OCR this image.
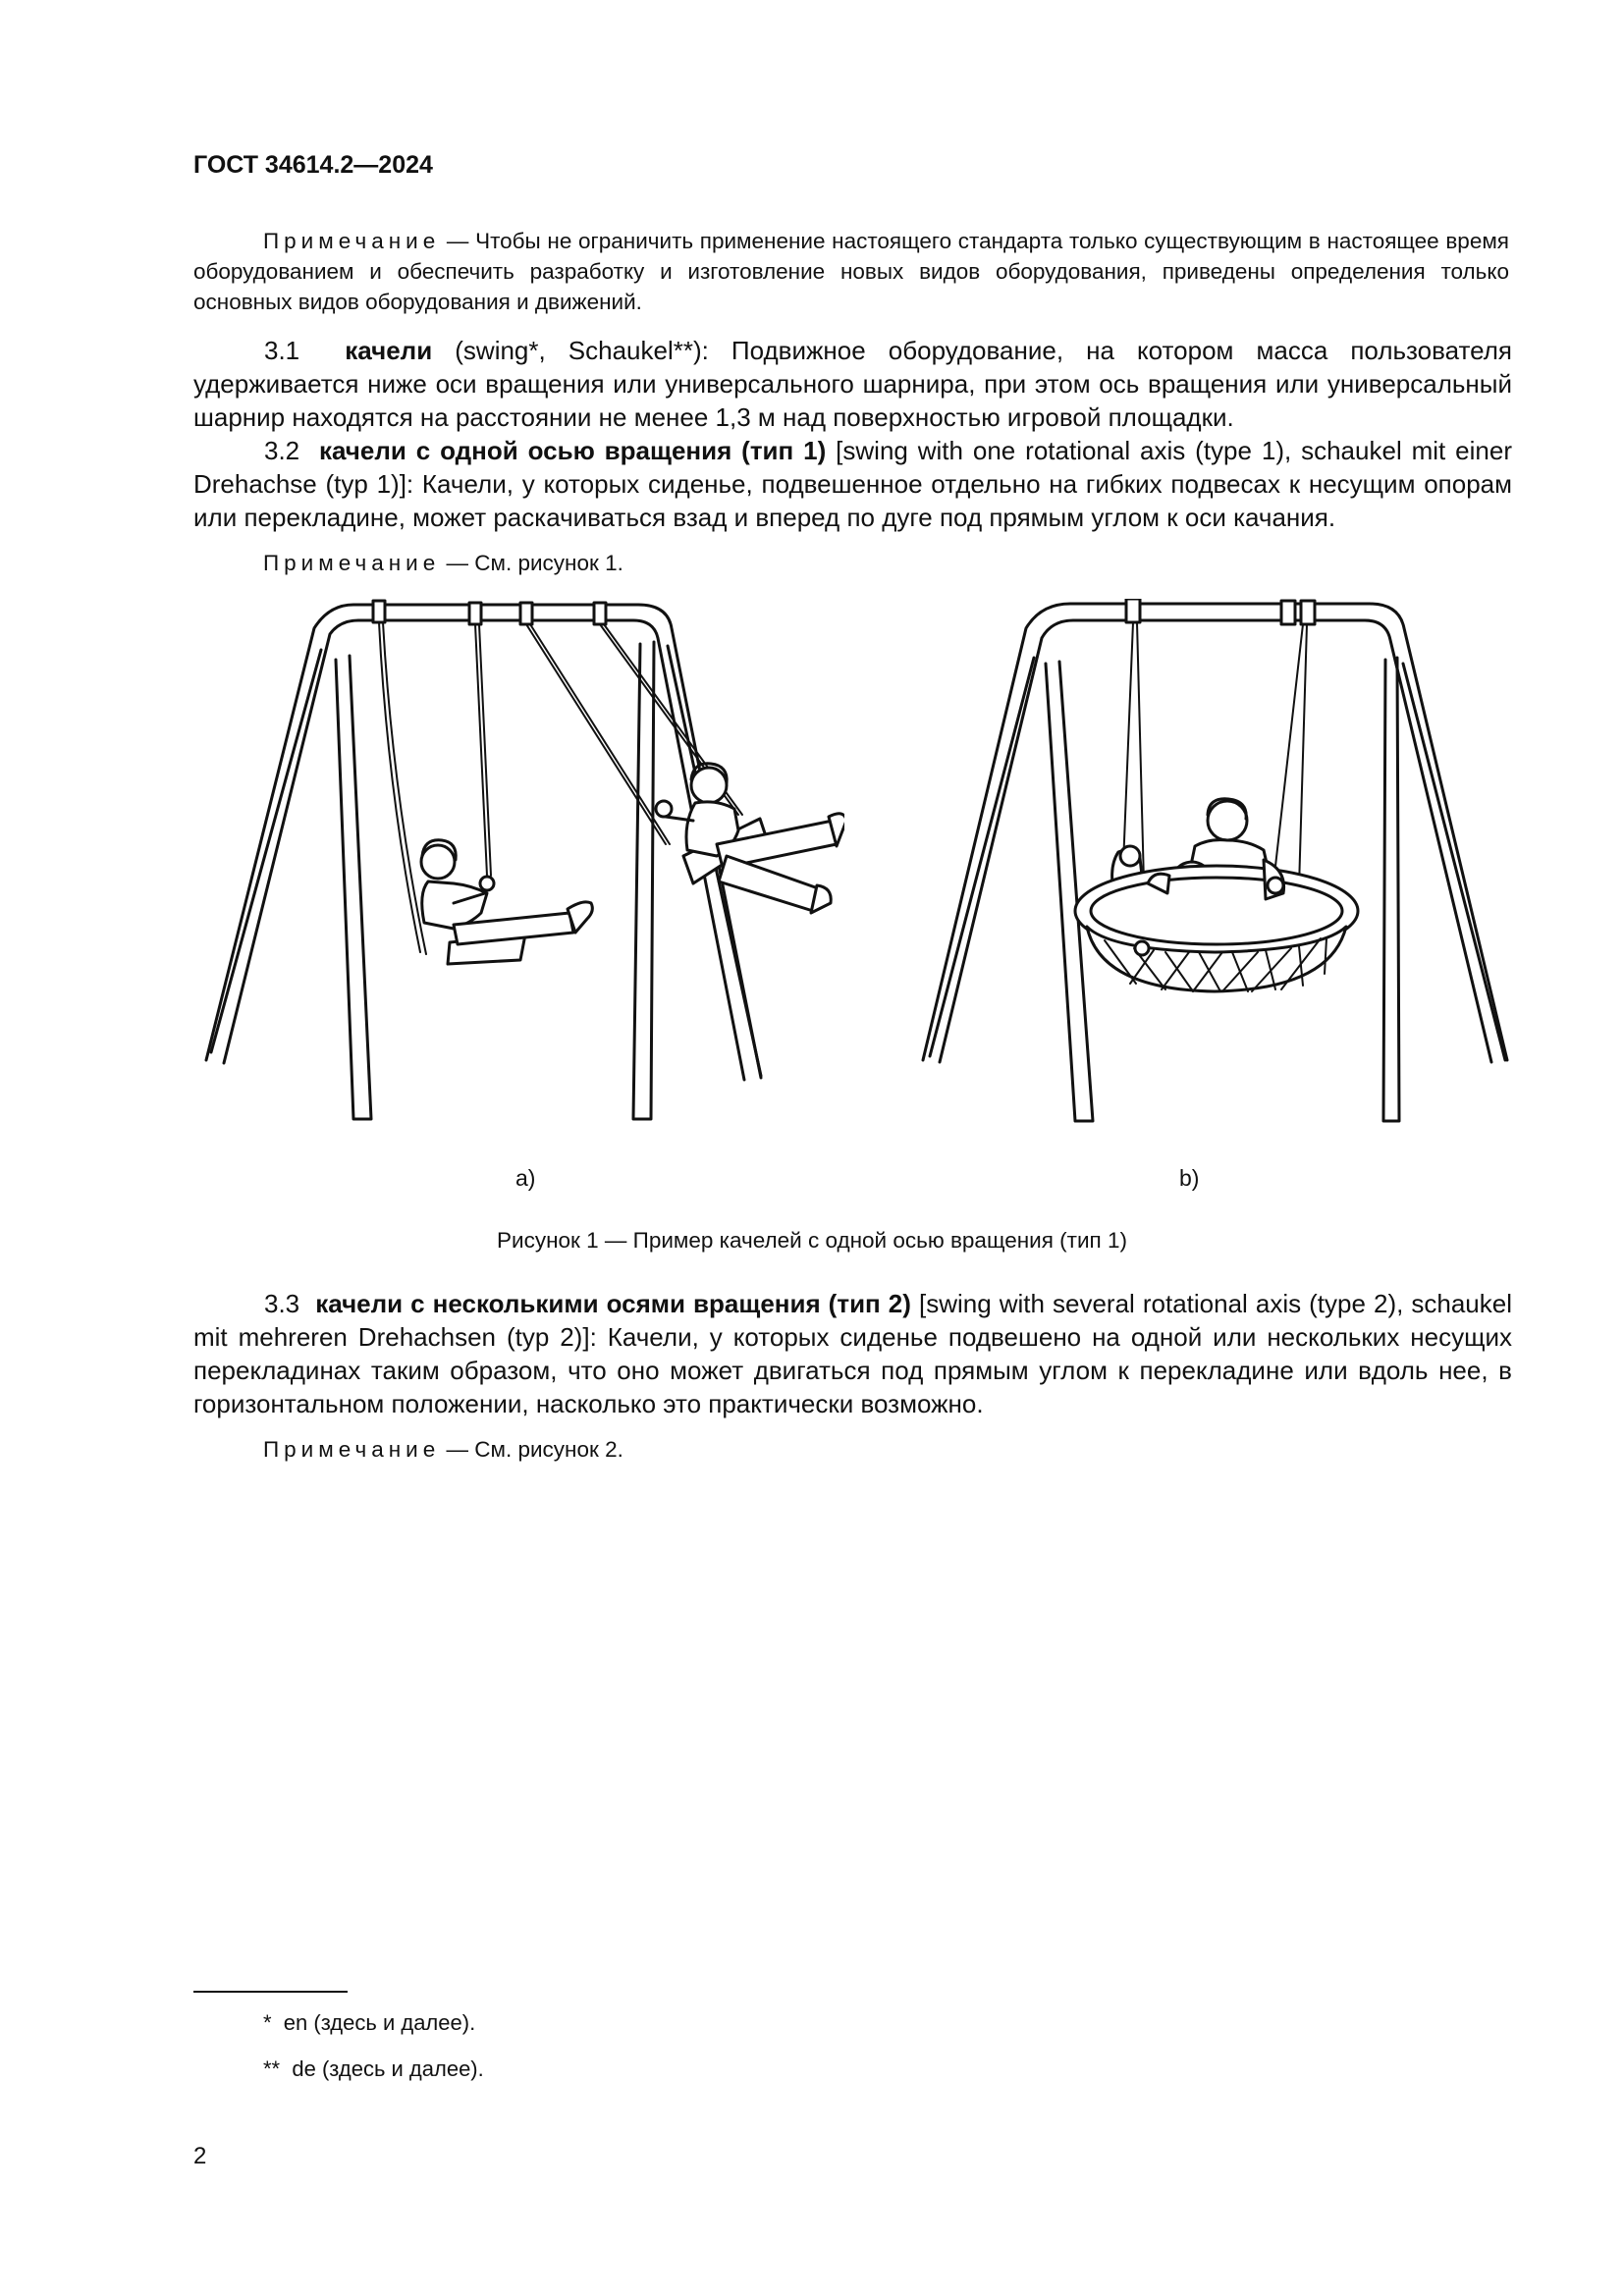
ГОСТ 34614.2—2024
Примечание — Чтобы не ограничить применение настоящего стандарта только существующим в настоящее время оборудованием и обеспечить разработку и изготовление новых видов оборудования, приведены определения только основных видов оборудования и движений.

3.1 качели (swing*, Schaukel**): Подвижное оборудование, на котором масса пользователя удерживается ниже оси вращения или универсального шарнира, при этом ось вращения или универсальный шарнир находятся на расстоянии не менее 1,3 м над поверхностью игровой площадки.

3.2 качели с одной осью вращения (тип 1) [swing with one rotational axis (type 1), schaukel mit einer Drehachse (typ 1)]: Качели, у которых сиденье, подвешенное отдельно на гибких подвесах к несущим опорам или перекладине, может раскачиваться взад и вперед по дуге под прямым углом к оси качания.

Примечание — См. рисунок 1.
a)	b)
Рисунок 1 — Пример качелей с одной осью вращения (тип 1)

3.3 качели с несколькими осями вращения (тип 2) [swing with several rotational axis (type 2), schaukel mit mehreren Drehachsen (typ 2)]: Качели, у которых сиденье подвешено на одной или нескольких несущих перекладинах таким образом, что оно может двигаться под прямым углом к перекладине или вдоль нее, в горизонтальном положении, насколько это практически возможно.

Примечание — См. рисунок 2.
* en (здесь и далее).
** de (здесь и далее).
2
